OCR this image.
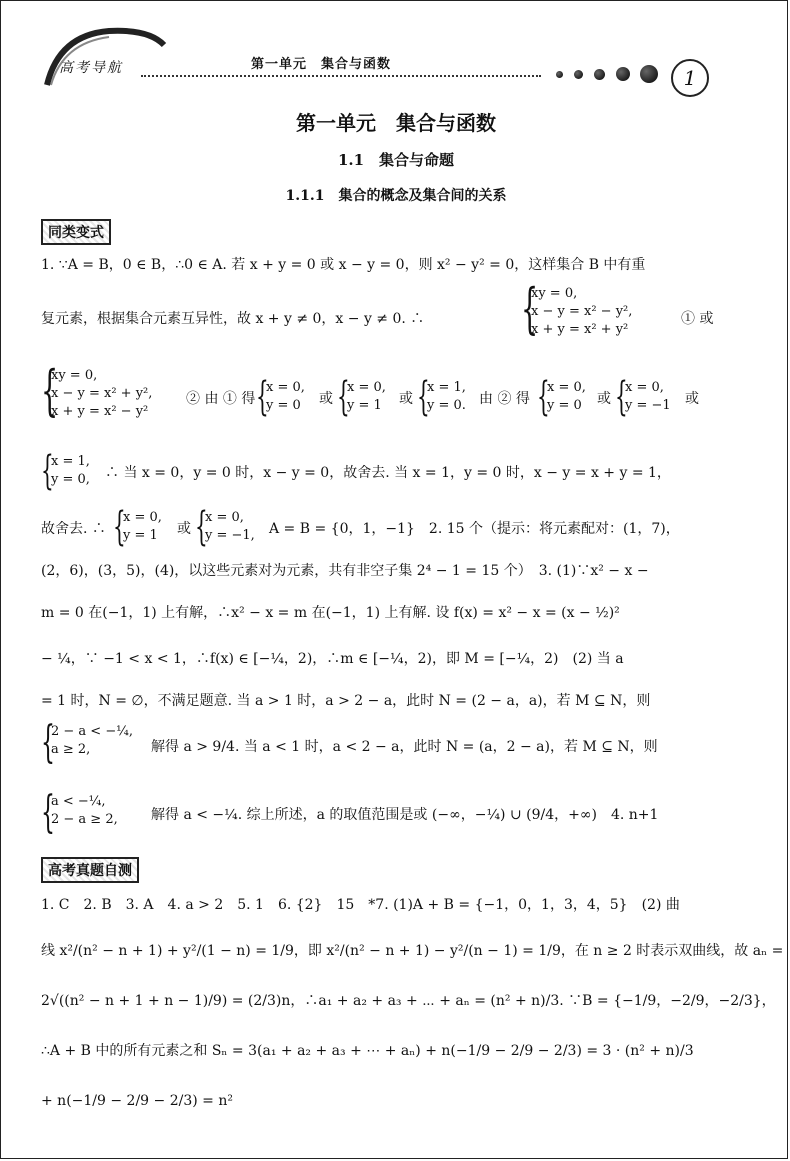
高考导航	第一单元　集合与函数
1
第一单元　集合与函数
1.1　集合与命题
1.1.1　集合的概念及集合间的关系
同类变式
1. ∵A = B，0 ∈ B，∴0 ∈ A. 若 x + y = 0 或 x − y = 0，则 x² − y² = 0，这样集合 B 中有重
复元素，根据集合元素互异性，故 x + y ≠ 0，x − y ≠ 0. ∴ {
xy = 0,
x − y = x² − y²,
x + y = x² + y²
① 或
{
xy = 0,
x − y = x² + y²,
x + y = x² − y²
② 由 ① 得 {
x = 0,
y = 0 或 {
x = 0,
y = 1 或 {
x = 1,
y = 0. 由 ② 得 {
x = 0,
y = 0 或 {
x = 0,
y = −1 或
{
x = 1,
y = 0, ∴ 当 x = 0，y = 0 时，x − y = 0，故舍去. 当 x = 1，y = 0 时，x − y = x + y = 1，
故舍去. ∴ {
x = 0,
y = 1 或 {
x = 0,
y = −1, A = B = {0，1，−1}　2. 15 个（提示：将元素配对：(1，7)，
(2，6)，(3，5)，(4)，以这些元素对为元素，共有非空子集 2⁴ − 1 = 15 个）　3. (1)∵x² − x −
m = 0 在(−1，1) 上有解，∴x² − x = m 在(−1，1) 上有解. 设 f(x) = x² − x = (x − ½)²
− ¼，∵ −1 < x < 1，∴f(x) ∈ [−¼，2)，∴m ∈ [−¼，2)，即 M = [−¼，2)　(2) 当 a
= 1 时，N = ∅，不满足题意. 当 a > 1 时，a > 2 − a，此时 N = (2 − a，a)，若 M ⊆ N，则
{
2 − a < −¼,
a ≥ 2,	解得 a > 9/4. 当 a < 1 时，a < 2 − a，此时 N = (a，2 − a)，若 M ⊆ N，则
{
a < −¼,
2 − a ≥ 2, 解得 a < −¼. 综上所述，a 的取值范围是或 (−∞，−¼) ∪ (9/4，+∞)　4. n+1
高考真题自测
1. C　2. B　3. A　4. a > 2　5. 1　6. {2}　15　*7. (1)A + B = {−1，0，1，3，4，5}　(2) 曲
线 x²/(n² − n + 1) + y²/(1 − n) = 1/9，即 x²/(n² − n + 1) − y²/(n − 1) = 1/9，在 n ≥ 2 时表示双曲线，故 aₙ =
2√((n² − n + 1 + n − 1)/9) = (2/3)n，∴a₁ + a₂ + a₃ + ⋯ + aₙ = (n² + n)/3. ∵B = {−1/9，−2/9，−2/3}，
∴A + B 中的所有元素之和 Sₙ = 3(a₁ + a₂ + a₃ + ⋯ + aₙ) + n(−1/9 − 2/9 − 2/3) = 3 · (n² + n)/3
+ n(−1/9 − 2/9 − 2/3) = n²
